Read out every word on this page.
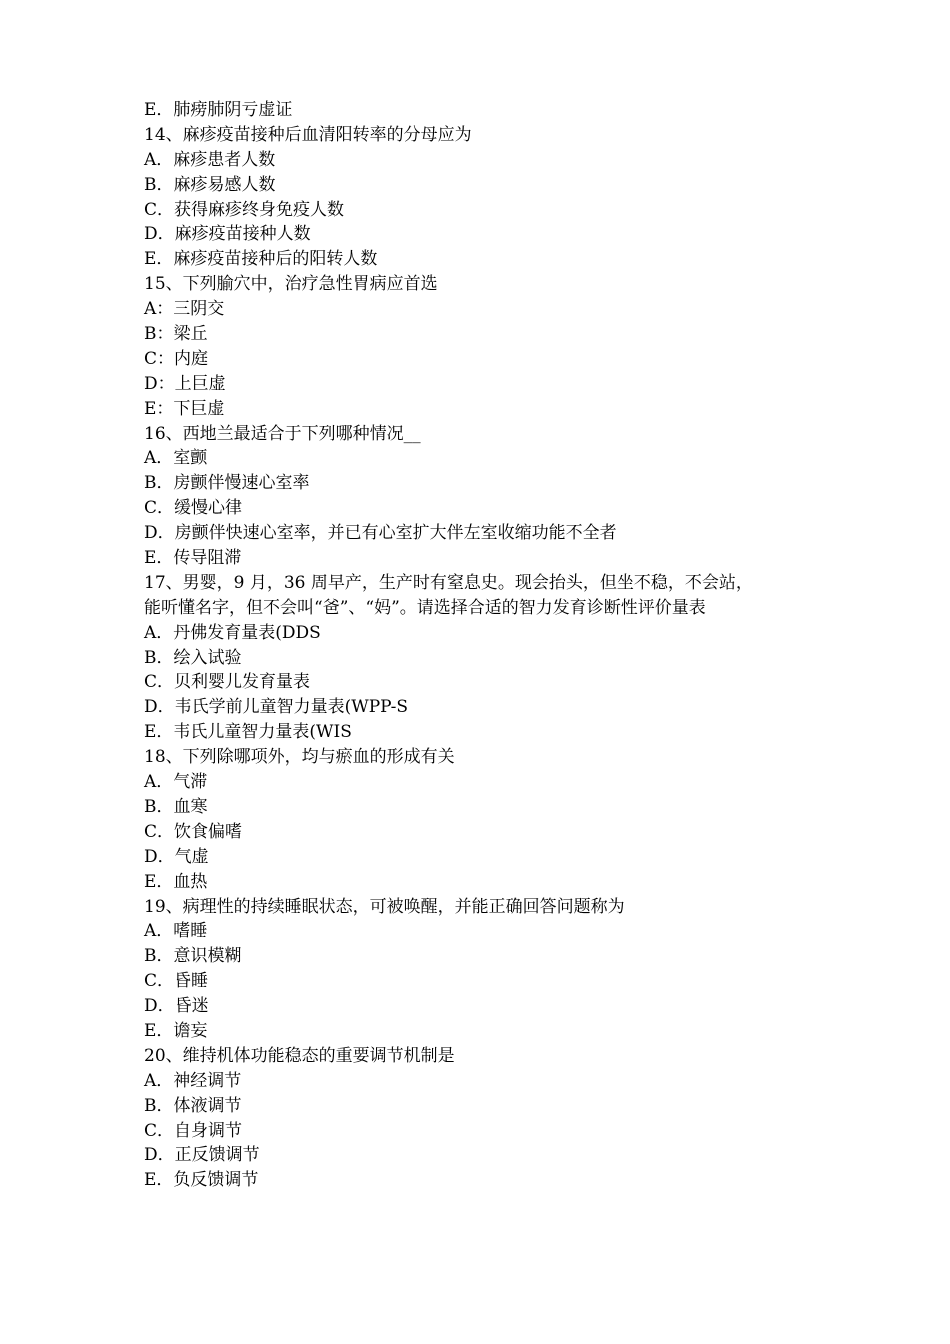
E．肺痨肺阴亏虚证
14、麻疹疫苗接种后血清阳转率的分母应为
A．麻疹患者人数
B．麻疹易感人数
C．获得麻疹终身免疫人数
D．麻疹疫苗接种人数
E．麻疹疫苗接种后的阳转人数
15、下列腧穴中，治疗急性胃病应首选
A：三阴交
B：梁丘
C：内庭
D：上巨虚
E：下巨虚
16、西地兰最适合于下列哪种情况__
A．室颤
B．房颤伴慢速心室率
C．缓慢心律
D．房颤伴快速心室率，并已有心室扩大伴左室收缩功能不全者
E．传导阻滞
17、男婴，9 月，36 周早产，生产时有窒息史。现会抬头，但坐不稳，不会站，
能听懂名字，但不会叫“爸”、“妈”。请选择合适的智力发育诊断性评价量表
A．丹佛发育量表(DDS
B．绘入试验
C．贝利婴儿发育量表
D．韦氏学前儿童智力量表(WPP-S
E．韦氏儿童智力量表(WIS
18、下列除哪项外，均与瘀血的形成有关
A．气滞
B．血寒
C．饮食偏嗜
D．气虚
E．血热
19、病理性的持续睡眠状态，可被唤醒，并能正确回答问题称为
A．嗜睡
B．意识模糊
C．昏睡
D．昏迷
E．谵妄
20、维持机体功能稳态的重要调节机制是
A．神经调节
B．体液调节
C．自身调节
D．正反馈调节
E．负反馈调节
